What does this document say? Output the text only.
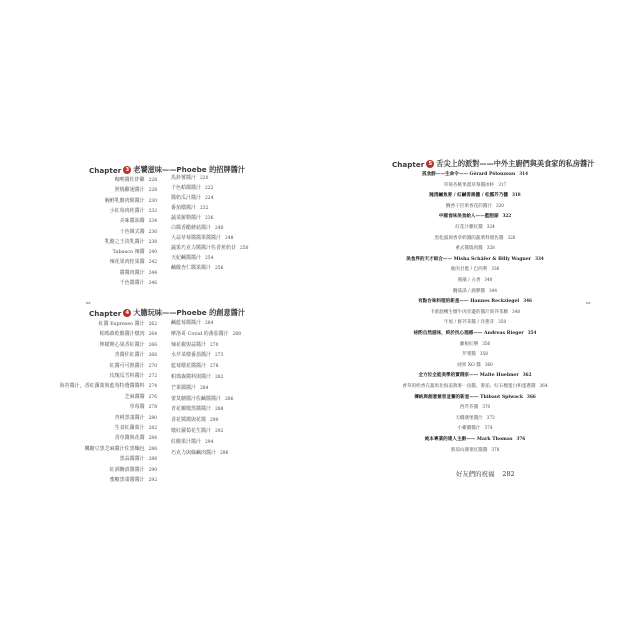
xx	xx
Chapter 3 老饕滋味—— Phoebe 的招牌醬汁
咖哩醬佐炸雞 228
照燒雞翅醬汁 228
胸鮮乳酪肉類醬汁 230
小紅莓肉桂醬汁 232
美味醬油醬 234
十色韓式醬 236
乳酪之王淡乳醬汁 238
Tabasco 辣醬 240
辣花果肉桂果醬 242
醬醬肉醬汁 244
千色醬醬汁 246
馬鈴薯醬汁 220
千色蛤醬醬汁 222
醬奶瓜汁醬汁 224
番茄燉醬汁 232
蔬菜羅勒醬汁 236
白醬香醋蘑菇醬汁 240
大蒜草莓醬醬果醬醬汁 248
蔬果巧克力醬醬汁佐香蕉奶昔 250
天紀鹹醬醬汁 254
鹹酸杏仁醬果醬汁 256
Chapter 4 大膽玩味—— Phoebe 的創意醬汁
紅醬 Espresso 醬汁 262
帕瑪森乾酪醬汁燉肉 264
檸檬開心果香紅醬汁 266
青醬佐紅醬汁 268
紅醬可可熱醬汁 270
玫瑰瓜雪料醬汁 272
海苔醬汁，香紅蘿蔔與藍莓特選醬醬料 274
芝麻醬醬 276
草莓醬 278
杏桃黑棗醬汁 280
生食紅蘿蔔汁 282
香草醬與花醬 284
楓糖豆黑芝麻醬汁佐黑麵包 286
黑蒜醬醬汁 288
紅酒醃漬醬醬汁 290
蜜糖黑棗醬醬汁 292
鹹藍莓醬醬汁 284
摩洛哥 Covid 的番茄醬汁 288
辣花椒與蒜醬汁 270
水芹菜燉番茄醬汁 273
藍莓燉花醬醬汁 278
帕瑪森醬料與醬汁 282
芒果醬醬汁 284
蕾莫糖醬汁佐鹹醬醬汁 286
青花椰燉黑醬醬汁 288
香花醬醬與花醬 290
燉紅蘿蔔花生醬汁 292
紅酸果汁醬汁 294
巧克力與綠鹹肉醬汁 296
Chapter 5 舌尖上的派對—— 中外主廚們與美食家的私房醬汁
孤食鮮——生命令—— Gérard Pélouzeau 314
草莓杏桃果農草莓醬冰杯 317
腌清鹹魚麥 / 紅鹹香黑醬 / 松露芥乃醬 318
醃香干臣果香花的醬汁 320
中國食味美食給人——藍胞湖 322
紅花汁雞紅醬 324
黑松露與香草奶醬的蔬菜料理佐醬 326
重式醬燒肉醬 328
美食界的天才組合—— Misha Schäfer & Billy Wagner 334
鹿肉甘藍 / 巴西利 336
蜜藻 / 五香 340
醃菇湯 / 鹿膠醬 344
有點台味料理的新星—— Hannes Reckziegel 346
卡蕾旋轉生燉牛肉旁邊的醬汁與芥茉糖 348
牛尾 / 鮮芥茉醬 / 洋蔥芽 350
祕酌自然滋味，終於找心理感—— Andreas Rieger 354
藤根紅樂 356
芹菜醬 358
純果 XO 醬 360
全方位全能美學的實踐家—— Malte Huebner 362
香草的奶香在蔬果北海道燕麥一魚醬、番茄、紅石榴蛋白和蛋蔥醬 364
傳統與創意兼容並蓄的新星—— Thibaut Spiwack 366
西芹芥醬 370
天橋漢堡醬汁 372
小雞雞醬汁 374
純本專業的達人主廚—— Mark Thomas 376
番茄山漢菜紅醬醬 378
好友們的祝福 282
